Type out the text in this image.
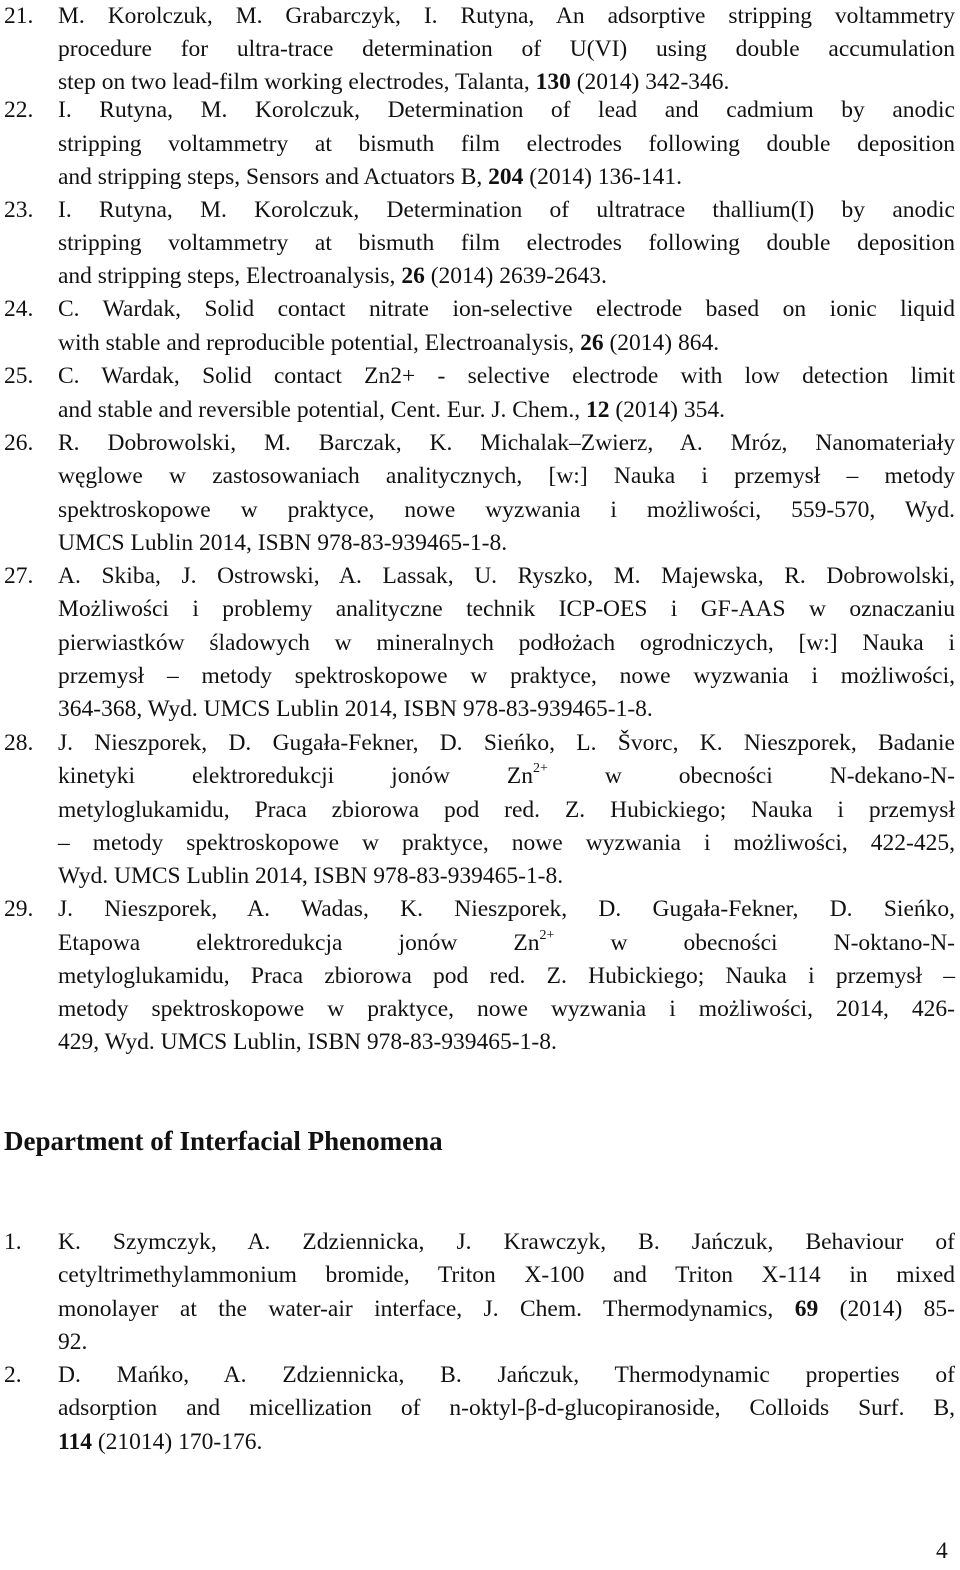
21. M. Korolczuk, M. Grabarczyk, I. Rutyna, An adsorptive stripping voltammetry
procedure for ultra-trace determination of U(VI) using double accumulation
step on two lead-film working electrodes, Talanta, 130 (2014) 342-346.
22. I. Rutyna, M. Korolczuk, Determination of lead and cadmium by anodic
stripping voltammetry at bismuth film electrodes following double deposition
and stripping steps, Sensors and Actuators B, 204 (2014) 136-141.
23. I. Rutyna, M. Korolczuk, Determination of ultratrace thallium(I) by anodic
stripping voltammetry at bismuth film electrodes following double deposition
and stripping steps, Electroanalysis, 26 (2014) 2639-2643.
24. C. Wardak, Solid contact nitrate ion-selective electrode based on ionic liquid
with stable and reproducible potential, Electroanalysis, 26 (2014) 864.
25. C. Wardak, Solid contact Zn2+ - selective electrode with low detection limit
and stable and reversible potential, Cent. Eur. J. Chem., 12 (2014) 354.
26. R. Dobrowolski, M. Barczak, K. Michalak–Zwierz, A. Mróz, Nanomateriały
węglowe w zastosowaniach analitycznych, [w:] Nauka i przemysł – metody
spektroskopowe w praktyce, nowe wyzwania i możliwości, 559-570, Wyd.
UMCS Lublin 2014, ISBN 978-83-939465-1-8.
27. A. Skiba, J. Ostrowski, A. Lassak, U. Ryszko, M. Majewska, R. Dobrowolski,
Możliwości i problemy analityczne technik ICP-OES i GF-AAS w oznaczaniu
pierwiastków śladowych w mineralnych podłożach ogrodniczych, [w:] Nauka i
przemysł – metody spektroskopowe w praktyce, nowe wyzwania i możliwości,
364-368, Wyd. UMCS Lublin 2014, ISBN 978-83-939465-1-8.
28. J. Nieszporek, D. Gugała-Fekner, D. Sieńko, L. Švorc, K. Nieszporek, Badanie
kinetyki elektroredukcji jonów $Zn^{2+}$ w obecności N-dekano-N-
metyloglukamidu, Praca zbiorowa pod red. Z. Hubickiego; Nauka i przemysł
– metody spektroskopowe w praktyce, nowe wyzwania i możliwości, 422-425,
Wyd. UMCS Lublin 2014, ISBN 978-83-939465-1-8.
29. J. Nieszporek, A. Wadas, K. Nieszporek, D. Gugała-Fekner, D. Sieńko,
Etapowa elektroredukcja jonów $Zn^{2+}$ w obecności N-oktano-N-
metyloglukamidu, Praca zbiorowa pod red. Z. Hubickiego; Nauka i przemysł –
metody spektroskopowe w praktyce, nowe wyzwania i możliwości, 2014, 426-
429, Wyd. UMCS Lublin, ISBN 978-83-939465-1-8.
Department of Interfacial Phenomena
1. K. Szymczyk, A. Zdziennicka, J. Krawczyk, B. Jańczuk, Behaviour of
cetyltrimethylammonium bromide, Triton X-100 and Triton X-114 in mixed
monolayer at the water-air interface, J. Chem. Thermodynamics, 69 (2014) 85-
92.
2. D. Mańko, A. Zdziennicka, B. Jańczuk, Thermodynamic properties of
adsorption and micellization of n-oktyl-β-d-glucopiranoside, Colloids Surf. B,
114 (21014) 170-176.
4
